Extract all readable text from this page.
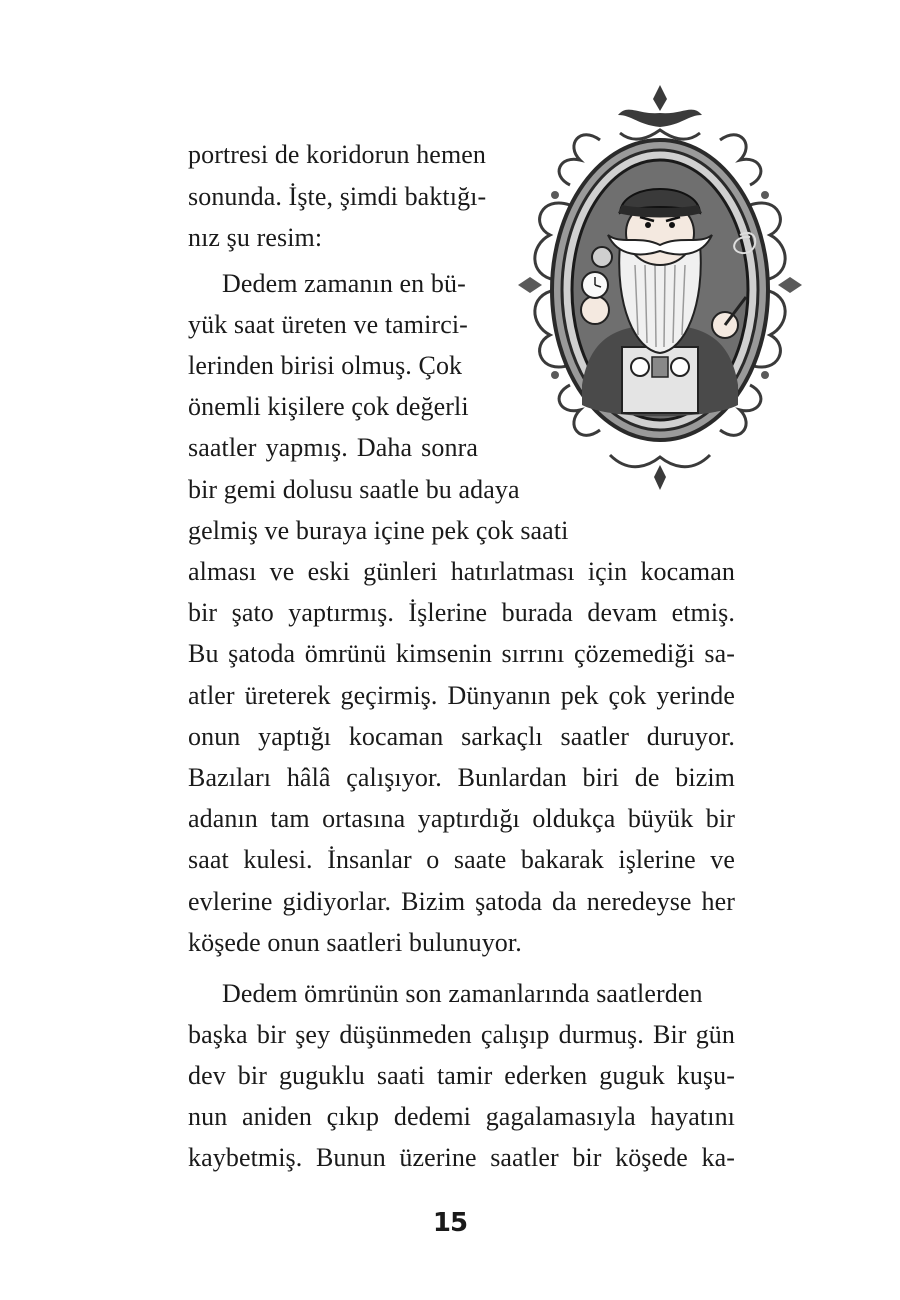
portresi de koridorun hemen
sonunda. İşte, şimdi baktığı-
nız şu resim:
Dedem zamanın en bü-
yük saat üreten ve tamirci-
lerinden birisi olmuş. Çok
önemli kişilere çok değerli
saatler yapmış. Daha sonra
bir gemi dolusu saatle bu adaya
gelmiş ve buraya içine pek çok saati
alması ve eski günleri hatırlatması için kocaman
bir şato yaptırmış. İşlerine burada devam etmiş.
Bu şatoda ömrünü kimsenin sırrını çözemediği sa-
atler üreterek geçirmiş. Dünyanın pek çok yerinde
onun yaptığı kocaman sarkaçlı saatler duruyor.
Bazıları hâlâ çalışıyor. Bunlardan biri de bizim
adanın tam ortasına yaptırdığı oldukça büyük bir
saat kulesi. İnsanlar o saate bakarak işlerine ve
evlerine gidiyorlar. Bizim şatoda da neredeyse her
köşede onun saatleri bulunuyor.
Dedem ömrünün son zamanlarında saatlerden
başka bir şey düşünmeden çalışıp durmuş. Bir gün
dev bir guguklu saati tamir ederken guguk kuşu-
nun aniden çıkıp dedemi gagalamasıyla hayatını
kaybetmiş. Bunun üzerine saatler bir köşede ka-
15
